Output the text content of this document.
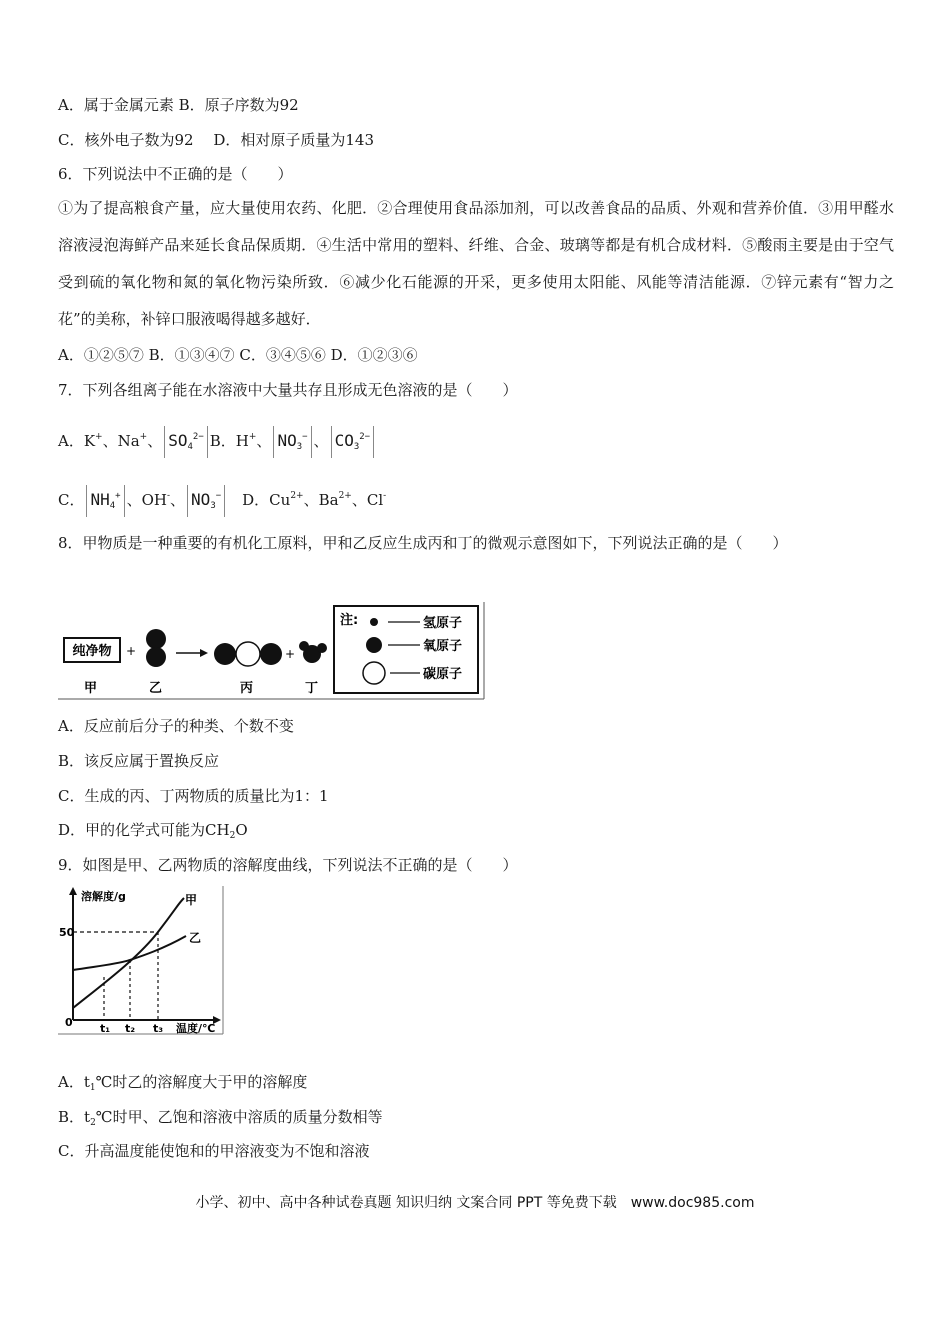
A．属于金属元素 B．原子序数为92
C．核外电子数为92　 D．相对原子质量为143
6．下列说法中不正确的是（　　）
①为了提高粮食产量，应大量使用农药、化肥．②合理使用食品添加剂，可以改善食品的品质、外观和营养价值．③用甲醛水溶液浸泡海鲜产品来延长食品保质期．④生活中常用的塑料、纤维、合金、玻璃等都是有机合成材料．⑤酸雨主要是由于空气受到硫的氧化物和氮的氧化物污染所致．⑥减少化石能源的开采，更多使用太阳能、风能等清洁能源．⑦锌元素有“智力之花”的美称，补锌口服液喝得越多越好．
A．①②⑤⑦ B．①③④⑦ C．③④⑤⑥ D．①②③⑥
7．下列各组离子能在水溶液中大量共存且形成无色溶液的是（　　）
A．K+、Na+、 $SO_4^{2-}$ B．H+、 $NO_3^-$ 、 $CO_3^{2-}$
C． $NH_4^+$ 、OH-、 $NO_3^-$　D．$Cu^{2+}$、$Ba^{2+}$、Cl-
8．甲物质是一种重要的有机化工原料，甲和乙反应生成丙和丁的微观示意图如下，下列说法正确的是（　　）
纯净物 +	+
甲	乙	丙	丁
注:	氢原子
氧原子
碳原子
A．反应前后分子的种类、个数不变
B．该反应属于置换反应
C．生成的丙、丁两物质的质量比为1：1
D．甲的化学式可能为$CH_2O$
9．如图是甲、乙两物质的溶解度曲线，下列说法不正确的是（　　）
溶解度/g
温度/℃
50
0
甲
乙
t₁ t₂ t₃
A．$t_1℃$时乙的溶解度大于甲的溶解度
B．$t_2℃$时甲、乙饱和溶液中溶质的质量分数相等
C．升高温度能使饱和的甲溶液变为不饱和溶液
小学、初中、高中各种试卷真题 知识归纳 文案合同 PPT 等免费下载　www.doc985.com
